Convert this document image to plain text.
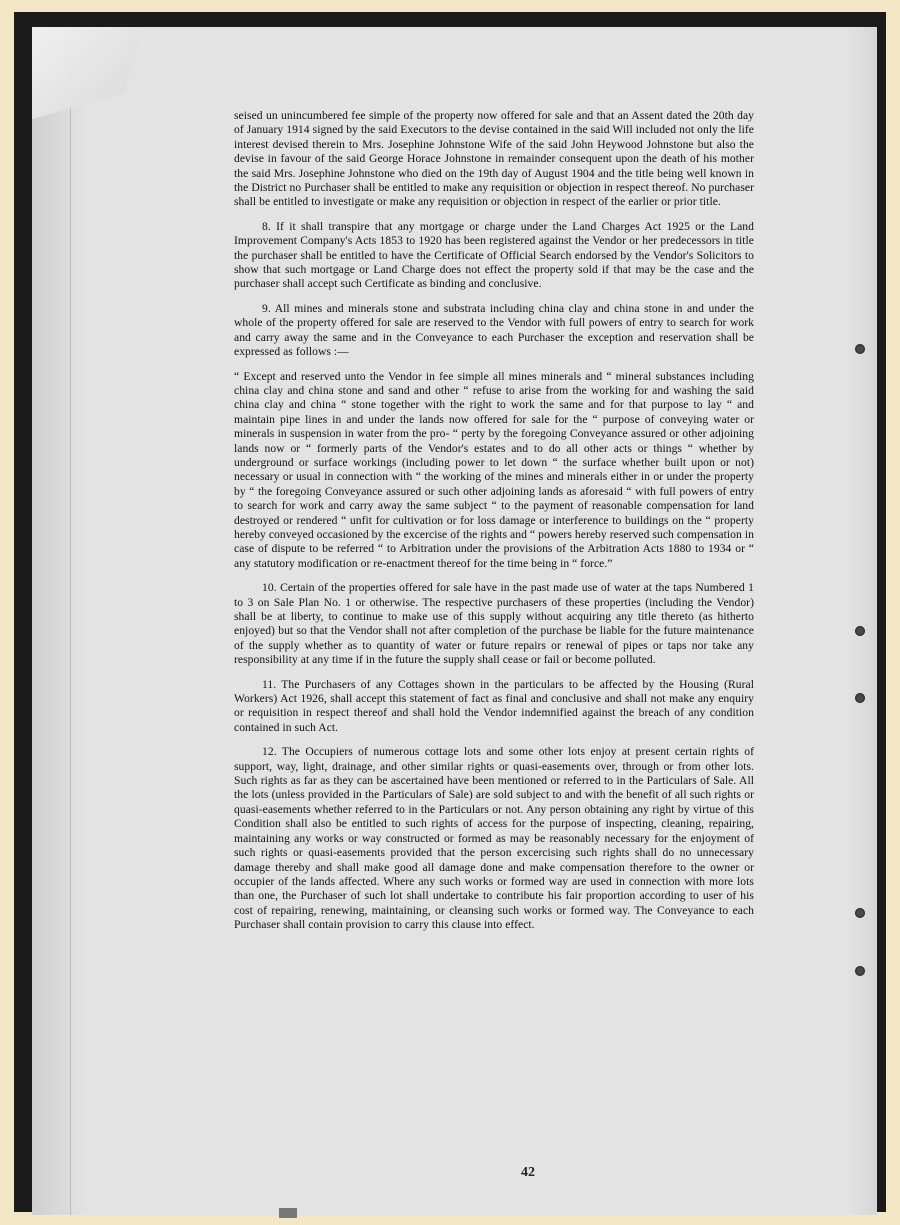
seised un unincumbered fee simple of the property now offered for sale and that an Assent dated the 20th day of January 1914 signed by the said Executors to the devise contained in the said Will included not only the life interest devised therein to Mrs. Josephine Johnstone Wife of the said John Heywood Johnstone but also the devise in favour of the said George Horace Johnstone in remainder consequent upon the death of his mother the said Mrs. Josephine Johnstone who died on the 19th day of August 1904 and the title being well known in the District no Purchaser shall be entitled to make any requisition or objection in respect thereof. No purchaser shall be entitled to investigate or make any requisition or objection in respect of the earlier or prior title.

8. If it shall transpire that any mortgage or charge under the Land Charges Act 1925 or the Land Improvement Company's Acts 1853 to 1920 has been registered against the Vendor or her predecessors in title the purchaser shall be entitled to have the Certificate of Official Search endorsed by the Vendor's Solicitors to show that such mortgage or Land Charge does not effect the property sold if that may be the case and the purchaser shall accept such Certificate as binding and conclusive.

9. All mines and minerals stone and substrata including china clay and china stone in and under the whole of the property offered for sale are reserved to the Vendor with full powers of entry to search for work and carry away the same and in the Conveyance to each Purchaser the exception and reservation shall be expressed as follows :—

“ Except and reserved unto the Vendor in fee simple all mines minerals and “ mineral substances including china clay and china stone and sand and other “ refuse to arise from the working for and washing the said china clay and china “ stone together with the right to work the same and for that purpose to lay “ and maintain pipe lines in and under the lands now offered for sale for the “ purpose of conveying water or minerals in suspension in water from the pro- “ perty by the foregoing Conveyance assured or other adjoining lands now or “ formerly parts of the Vendor's estates and to do all other acts or things “ whether by underground or surface workings (including power to let down “ the surface whether built upon or not) necessary or usual in connection with “ the working of the mines and minerals either in or under the property by “ the foregoing Conveyance assured or such other adjoining lands as aforesaid “ with full powers of entry to search for work and carry away the same subject “ to the payment of reasonable compensation for land destroyed or rendered “ unfit for cultivation or for loss damage or interference to buildings on the “ property hereby conveyed occasioned by the excercise of the rights and “ powers hereby reserved such compensation in case of dispute to be referred “ to Arbitration under the provisions of the Arbitration Acts 1880 to 1934 or “ any statutory modification or re-enactment thereof for the time being in “ force.”

10. Certain of the properties offered for sale have in the past made use of water at the taps Numbered 1 to 3 on Sale Plan No. 1 or otherwise. The respective purchasers of these properties (including the Vendor) shall be at liberty, to continue to make use of this supply without acquiring any title thereto (as hitherto enjoyed) but so that the Vendor shall not after completion of the purchase be liable for the future maintenance of the supply whether as to quantity of water or future repairs or renewal of pipes or taps nor take any responsibility at any time if in the future the supply shall cease or fail or become polluted.

11. The Purchasers of any Cottages shown in the particulars to be affected by the Housing (Rural Workers) Act 1926, shall accept this statement of fact as final and conclusive and shall not make any enquiry or requisition in respect thereof and shall hold the Vendor indemnified against the breach of any condition contained in such Act.

12. The Occupiers of numerous cottage lots and some other lots enjoy at present certain rights of support, way, light, drainage, and other similar rights or quasi-easements over, through or from other lots. Such rights as far as they can be ascertained have been mentioned or referred to in the Particulars of Sale. All the lots (unless provided in the Particulars of Sale) are sold subject to and with the benefit of all such rights or quasi-easements whether referred to in the Particulars or not. Any person obtaining any right by virtue of this Condition shall also be entitled to such rights of access for the purpose of inspecting, cleaning, repairing, maintaining any works or way constructed or formed as may be reasonably necessary for the enjoyment of such rights or quasi-easements provided that the person excercising such rights shall do no unnecessary damage thereby and shall make good all damage done and make compensation therefore to the owner or occupier of the lands affected. Where any such works or formed way are used in connection with more lots than one, the Purchaser of such lot shall undertake to contribute his fair proportion according to user of his cost of repairing, renewing, maintaining, or cleansing such works or formed way. The Conveyance to each Purchaser shall contain provision to carry this clause into effect.

42
